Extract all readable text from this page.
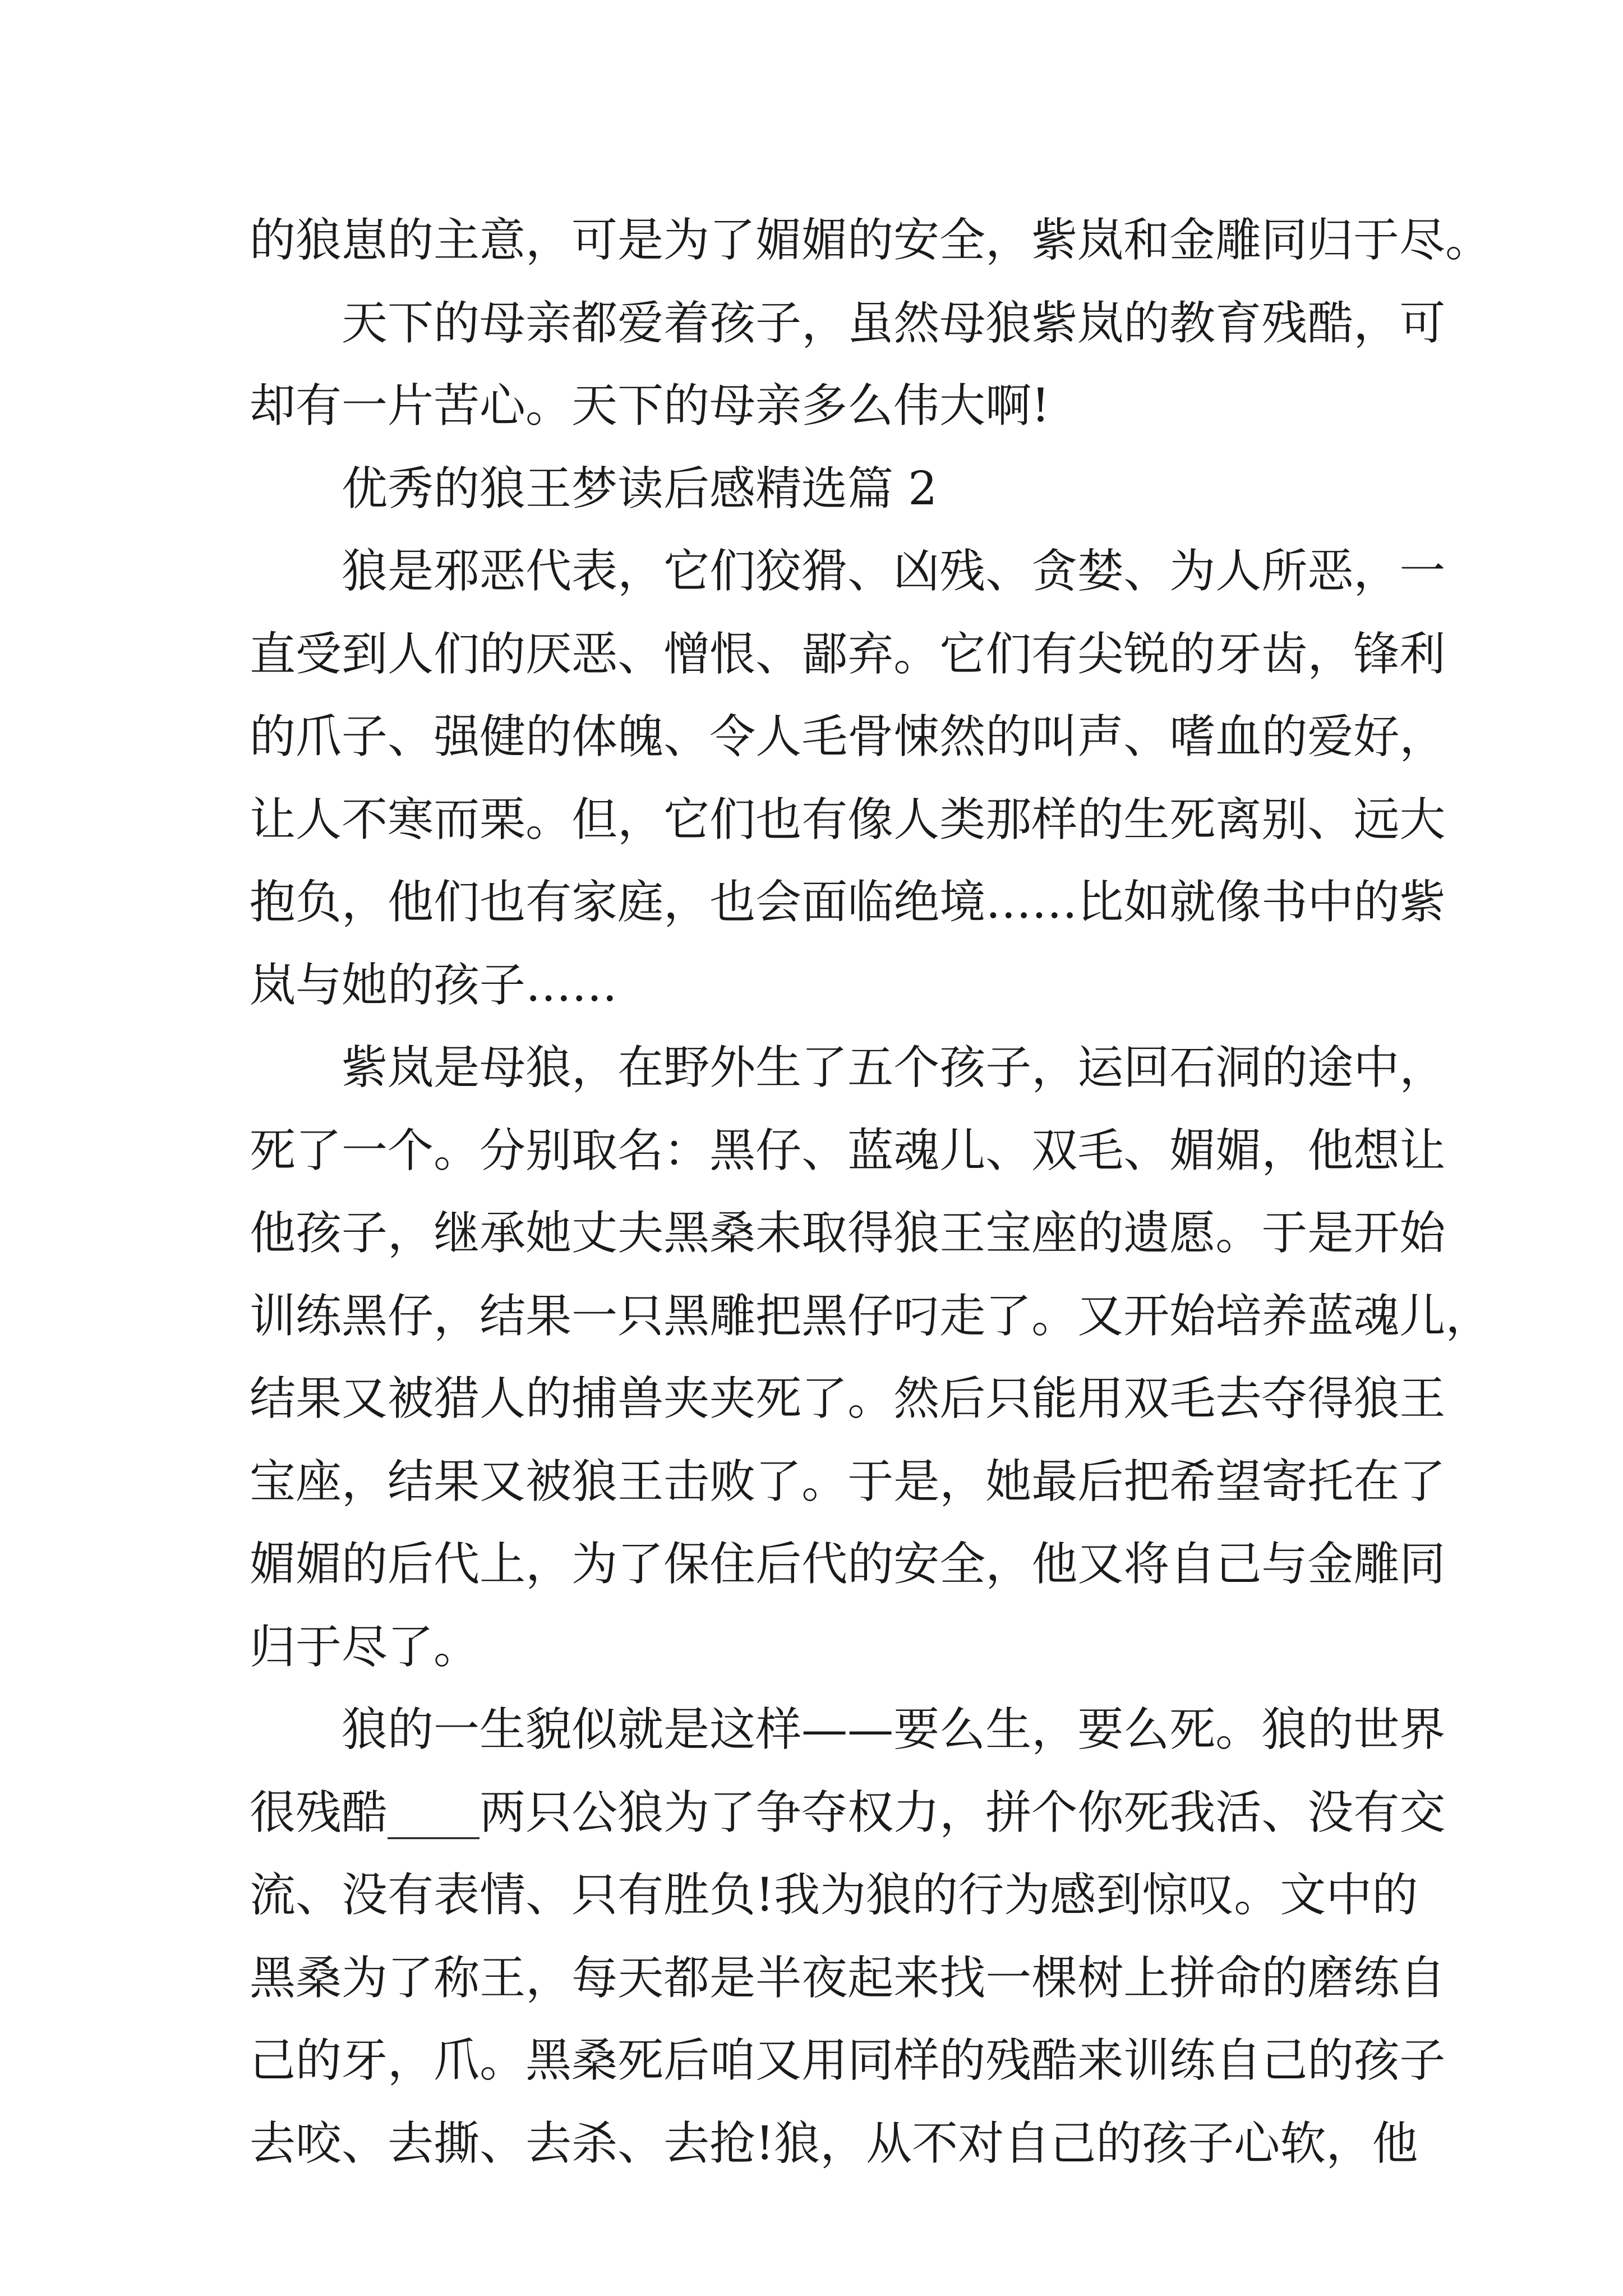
的狼崽的主意，可是为了媚媚的安全，紫岚和金雕同归于尽。
天 下 的 母 亲 都 爱 着 孩 子 ， 虽 然 母 狼 紫 岚 的 教 育 残 酷 ， 可
却有一片苦心。天下的母亲多么伟大啊!
优秀的狼王梦读后感精选篇 2
狼 是 邪 恶 代 表 ， 它 们 狡 猾 、 凶 残 、 贪 婪 、 为 人 所 恶 ， 一
直 受 到 人 们 的 厌 恶 、 憎 恨 、 鄙 弃 。 它 们 有 尖 锐 的 牙 齿 ， 锋 利
的 爪 子 、 强 健 的 体 魄 、 令 人 毛 骨 悚 然 的 叫 声 、 嗜 血 的 爱 好 ，
让 人 不 寒 而 栗 。 但 ， 它 们 也 有 像 人 类 那 样 的 生 死 离 别 、 远 大
抱 负 ， 他 们 也 有 家 庭 ， 也 会 面 临 绝 境 … … 比 如 就 像 书 中 的 紫
岚与她的孩子……
紫 岚 是 母 狼 ， 在 野 外 生 了 五 个 孩 子 ， 运 回 石 洞 的 途 中 ，
死 了 一 个 。 分 别 取 名 ： 黑 仔 、 蓝 魂 儿 、 双 毛 、 媚 媚 ， 他 想 让
他 孩 子 ， 继 承 她 丈 夫 黑 桑 未 取 得 狼 王 宝 座 的 遗 愿 。 于 是 开 始
训 练 黑 仔 ， 结 果 一 只 黑 雕 把 黑 仔 叼 走 了 。 又 开 始 培 养 蓝 魂 儿 ，
结 果 又 被 猎 人 的 捕 兽 夹 夹 死 了 。 然 后 只 能 用 双 毛 去 夺 得 狼 王
宝 座 ， 结 果 又 被 狼 王 击 败 了 。 于 是 ， 她 最 后 把 希 望 寄 托 在 了
媚 媚 的 后 代 上 ， 为 了 保 住 后 代 的 安 全 ， 他 又 将 自 己 与 金 雕 同
归于尽了。
狼 的 一 生 貌 似 就 是 这 样 — — 要 么 生 ， 要 么 死 。 狼 的 世 界
很 残 酷 _ _ _ _ 两 只 公 狼 为 了 争 夺 权 力 ， 拼 个 你 死 我 活 、 没 有 交
流 、 没 有 表 情 、 只 有 胜 负 ! 我 为 狼 的 行 为 感 到 惊 叹 。 文 中 的
黑 桑 为 了 称 王 ， 每 天 都 是 半 夜 起 来 找 一 棵 树 上 拼 命 的 磨 练 自
己 的 牙 ， 爪 。 黑 桑 死 后 咱 又 用 同 样 的 残 酷 来 训 练 自 己 的 孩 子
去 咬 、 去 撕 、 去 杀 、 去 抢 ! 狼 ， 从 不 对 自 己 的 孩 子 心 软 ， 他
